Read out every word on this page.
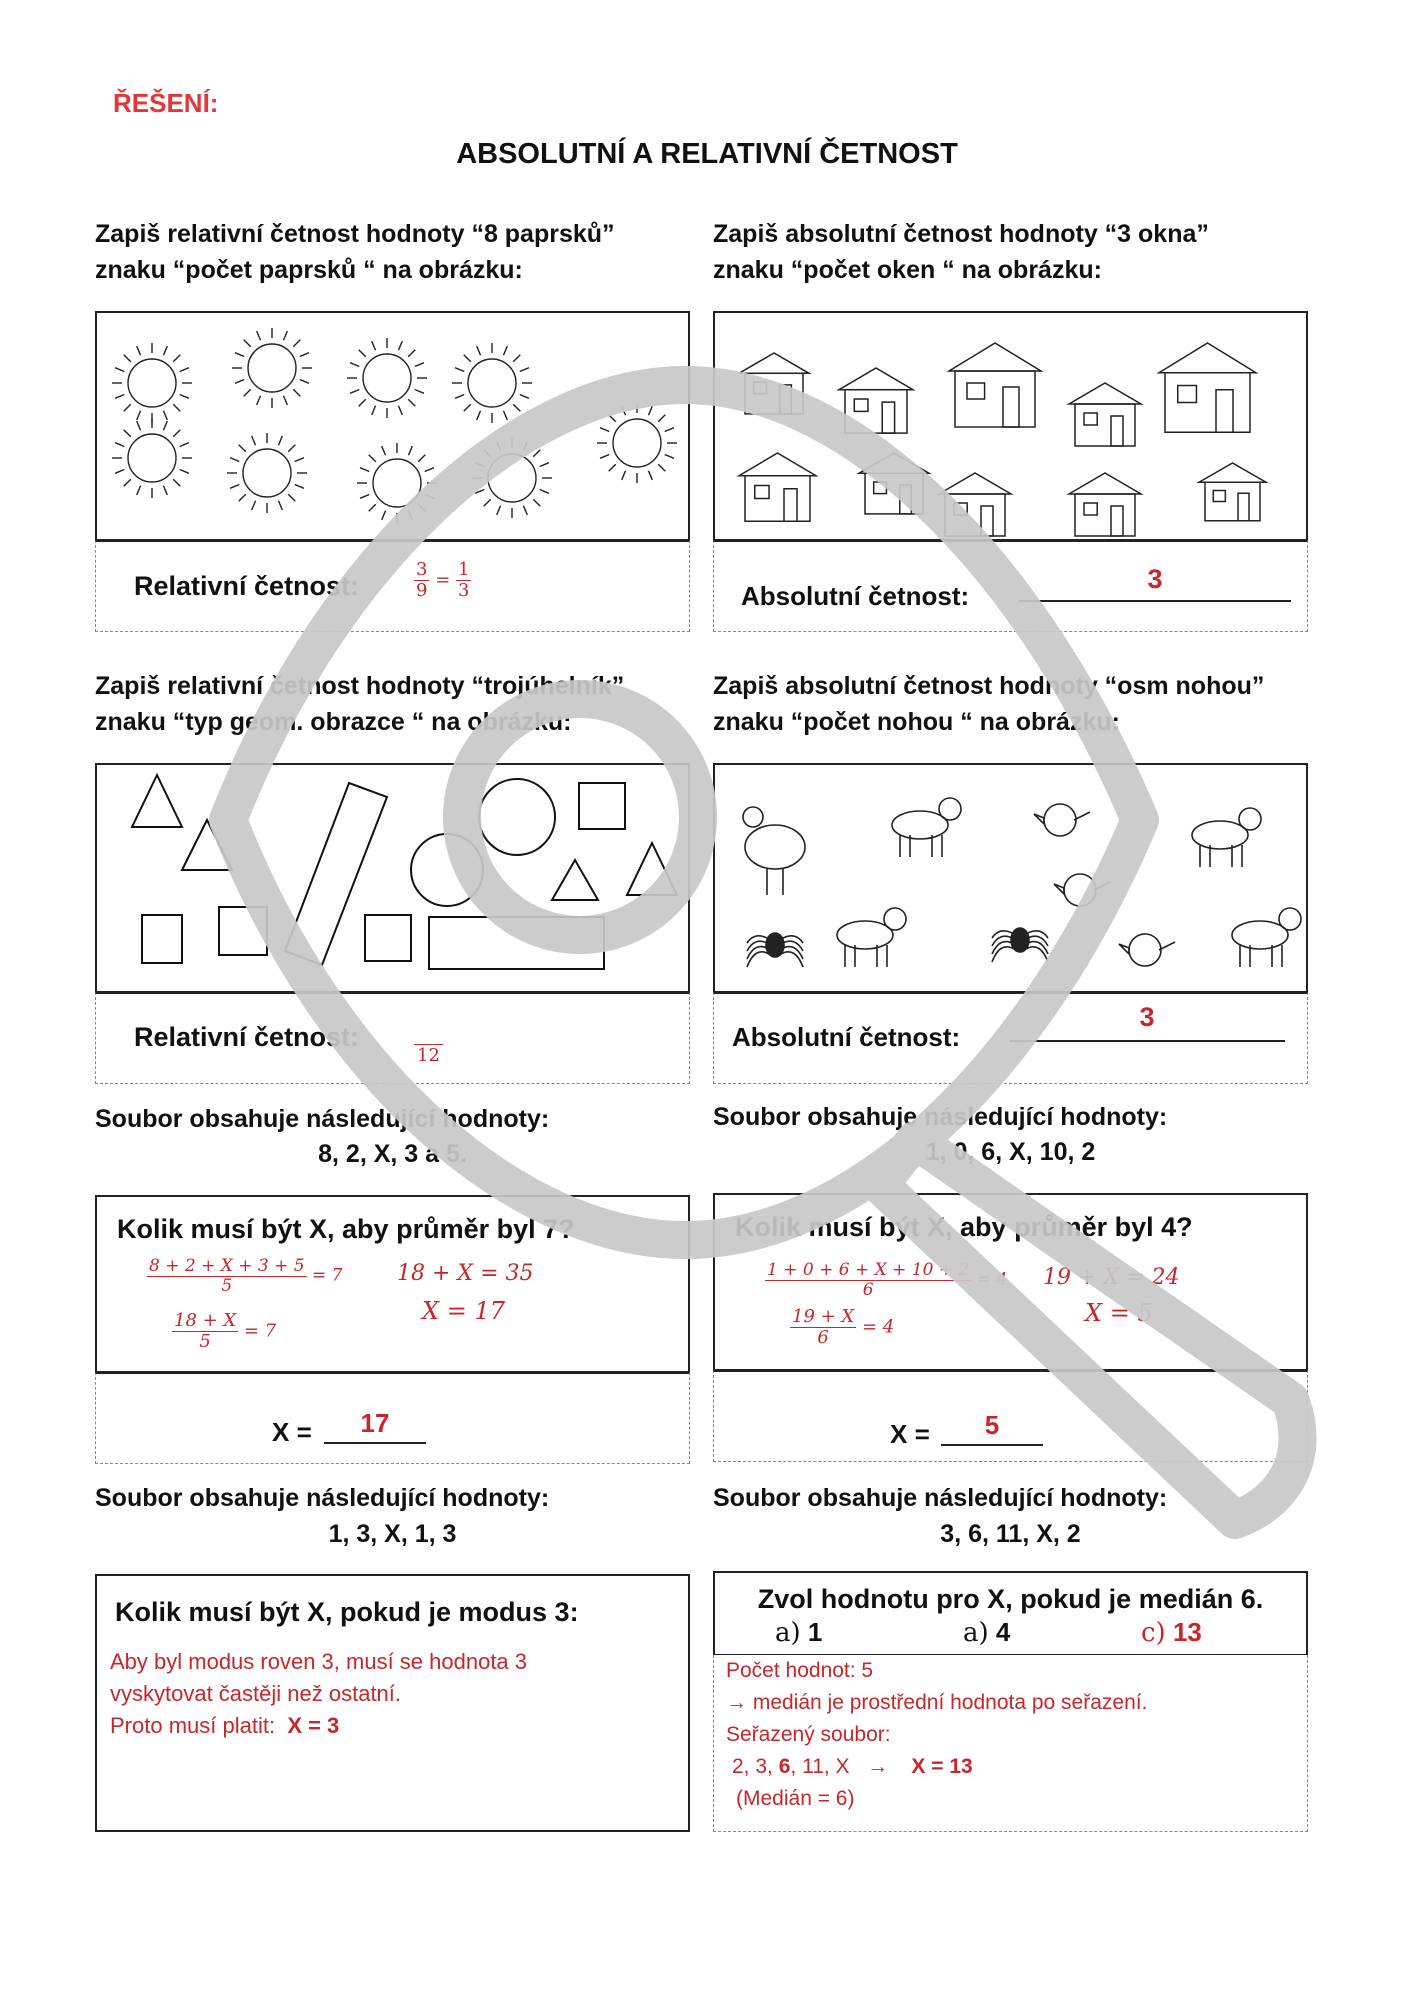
ŘEŠENÍ:
ABSOLUTNÍ A RELATIVNÍ ČETNOST
Zapiš relativní četnost hodnoty “8 paprsků”
znaku “počet paprsků “ na obrázku:
Relativní četnost:	$\frac{3}{9} = \frac{1}{3}$
Zapiš absolutní četnost hodnoty “3 okna”
znaku “počet oken “ na obrázku:
Absolutní četnost:
3
Zapiš relativní četnost hodnoty “trojúhelník”
znaku “typ geom. obrazce “ na obrázku:
Relativní četnost:
12
Zapiš absolutní četnost hodnoty “osm nohou”
znaku “počet nohou “ na obrázku:
Absolutní četnost:
3
Soubor obsahuje následující hodnoty:
8, 2, X, 3 a 5.
Kolik musí být X, aby průměr byl 7?
$\frac{8 + 2 + X + 3 + 5}{5} = 7$
$\frac{18 + X}{5} = 7$
18 + X = 35
X = 17
X =	17
Soubor obsahuje následující hodnoty:
1, 0, 6, X, 10, 2
Kolik musí být X, aby průměr byl 4?
$\frac{1 + 0 + 6 + X + 10 + 2}{6} = 4$
$\frac{19 + X}{6} = 4$
19 + X = 24
X = 5
X =	5
Soubor obsahuje následující hodnoty:
1, 3, X, 1, 3
Kolik musí být X, pokud je modus 3:
Aby byl modus roven 3, musí se hodnota 3
vyskytovat častěji než ostatní.
Proto musí platit: X = 3
Soubor obsahuje následující hodnoty:
3, 6, 11, X, 2
Zvol hodnotu pro X, pokud je medián 6.
a) 1	a) 4	c) 13
Počet hodnot: 5
→ medián je prostřední hodnota po seřazení.
Seřazený soubor:
2, 3, 6, 11, X → X = 13
(Medián = 6)
